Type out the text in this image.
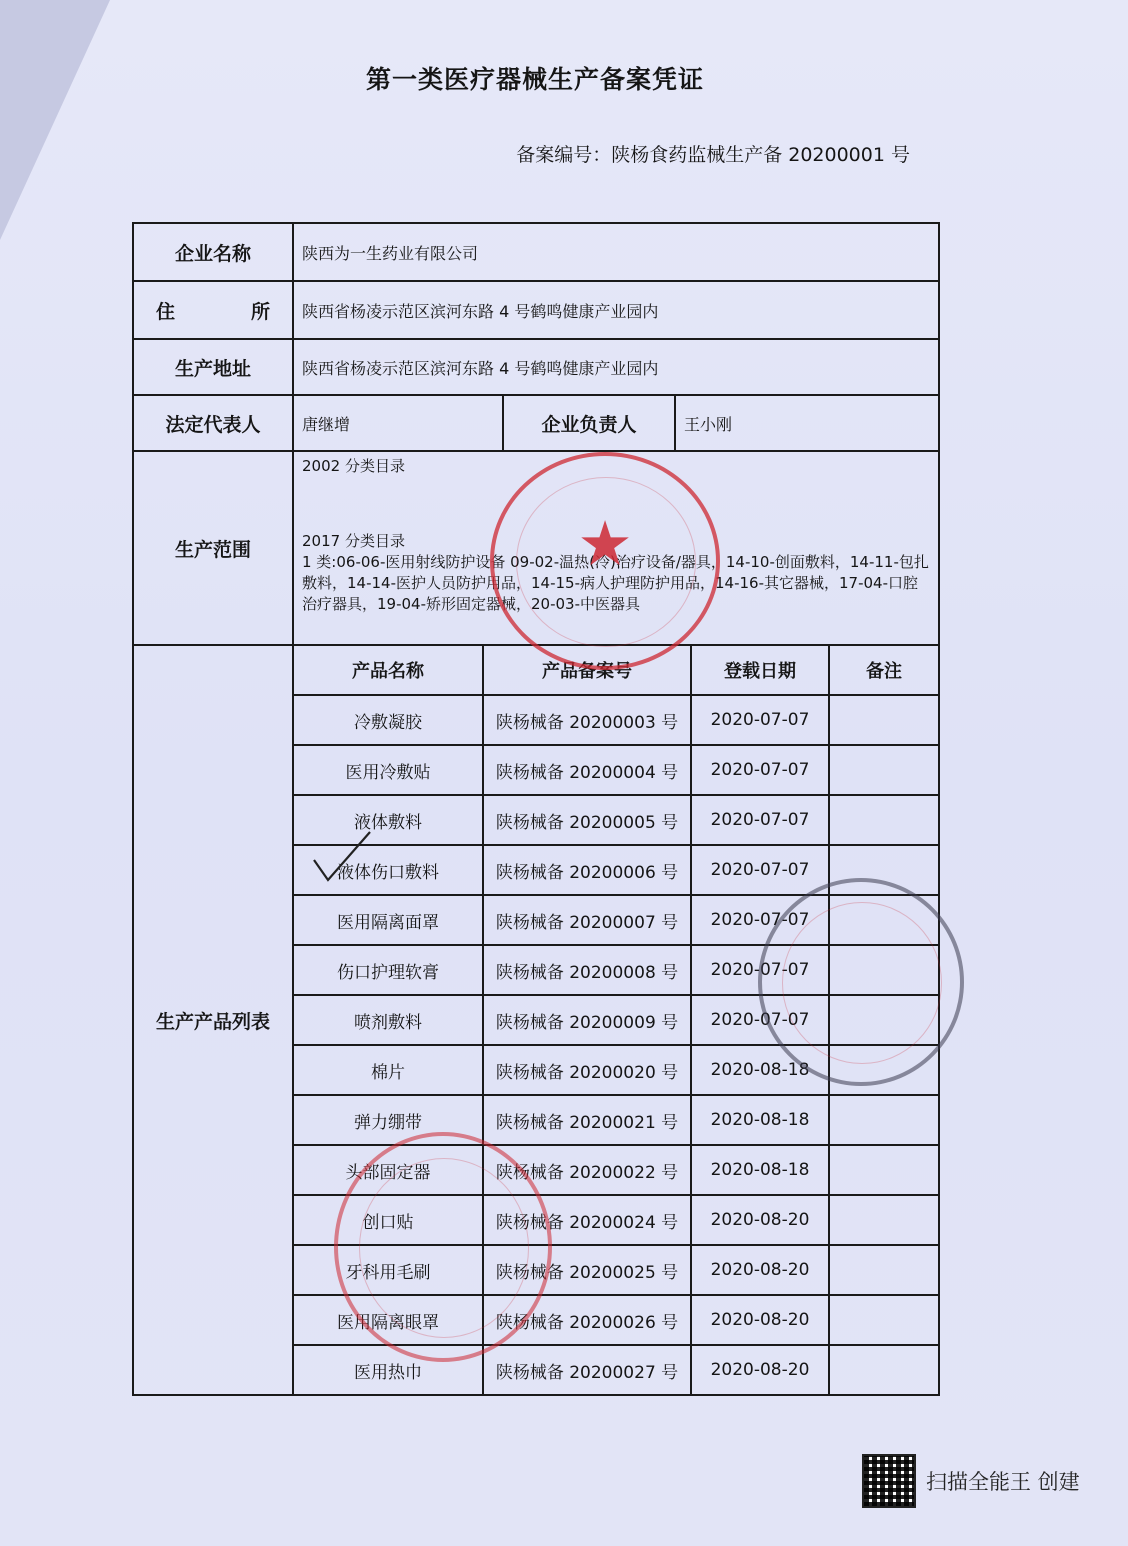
第一类医疗器械生产备案凭证
备案编号：陕杨食药监械生产备 20200001 号
企业名称	陕西为一生药业有限公司

住	所	陕西省杨凌示范区滨河东路 4 号鹤鸣健康产业园内
生产地址	陕西省杨凌示范区滨河东路 4 号鹤鸣健康产业园内
法定代表人	唐继增	企业负责人	王小刚
生产范围	
2002 分类目录
2017 分类目录
1 类:06-06-医用射线防护设备 09-02-温热(冷)治疗设备/器具，14-10-创面敷料，14-11-包扎敷料，14-14-医护人员防护用品，14-15-病人护理防护用品，14-16-其它器械，17-04-口腔治疗器具，19-04-矫形固定器械，20-03-中医器具

生产产品列表	
产品名称	产品备案号	登载日期	备注
冷敷凝胶	陕杨械备 20200003 号	2020-07-07	
医用冷敷贴	陕杨械备 20200004 号	2020-07-07	
液体敷料	陕杨械备 20200005 号	2020-07-07	
液体伤口敷料	陕杨械备 20200006 号	2020-07-07	
医用隔离面罩	陕杨械备 20200007 号	2020-07-07	
伤口护理软膏	陕杨械备 20200008 号	2020-07-07	
喷剂敷料	陕杨械备 20200009 号	2020-07-07	
棉片	陕杨械备 20200020 号	2020-08-18	
弹力绷带	陕杨械备 20200021 号	2020-08-18	
头部固定器	陕杨械备 20200022 号	2020-08-18	
创口贴	陕杨械备 20200024 号	2020-08-20	
牙科用毛刷	陕杨械备 20200025 号	2020-08-20	
医用隔离眼罩	陕杨械备 20200026 号	2020-08-20	
医用热巾	陕杨械备 20200027 号	2020-08-20	
★
扫描全能王 创建
